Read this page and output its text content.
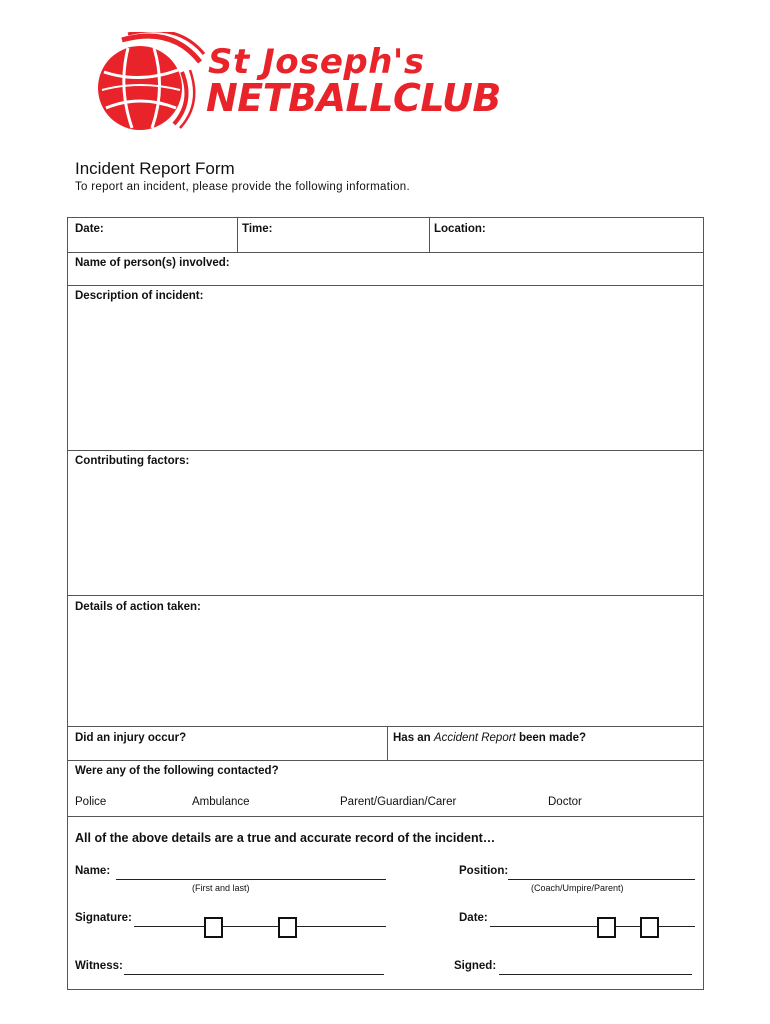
St Joseph's
NETBALLCLUB
Incident Report Form
To report an incident, please provide the following information.
Date:	Time:	Location:
Name of person(s) involved:
Description of incident:
Contributing factors:
Details of action taken:
Did an injury occur?	Has an Accident Report been made?
Were any of the following contacted?
Police	Ambulance	Parent/Guardian/Carer	Doctor
All of the above details are a true and accurate record of the incident…
Name:
(First and last)
Position:
(Coach/Umpire/Parent)
Signature:	Date:
Witness:	Signed:
